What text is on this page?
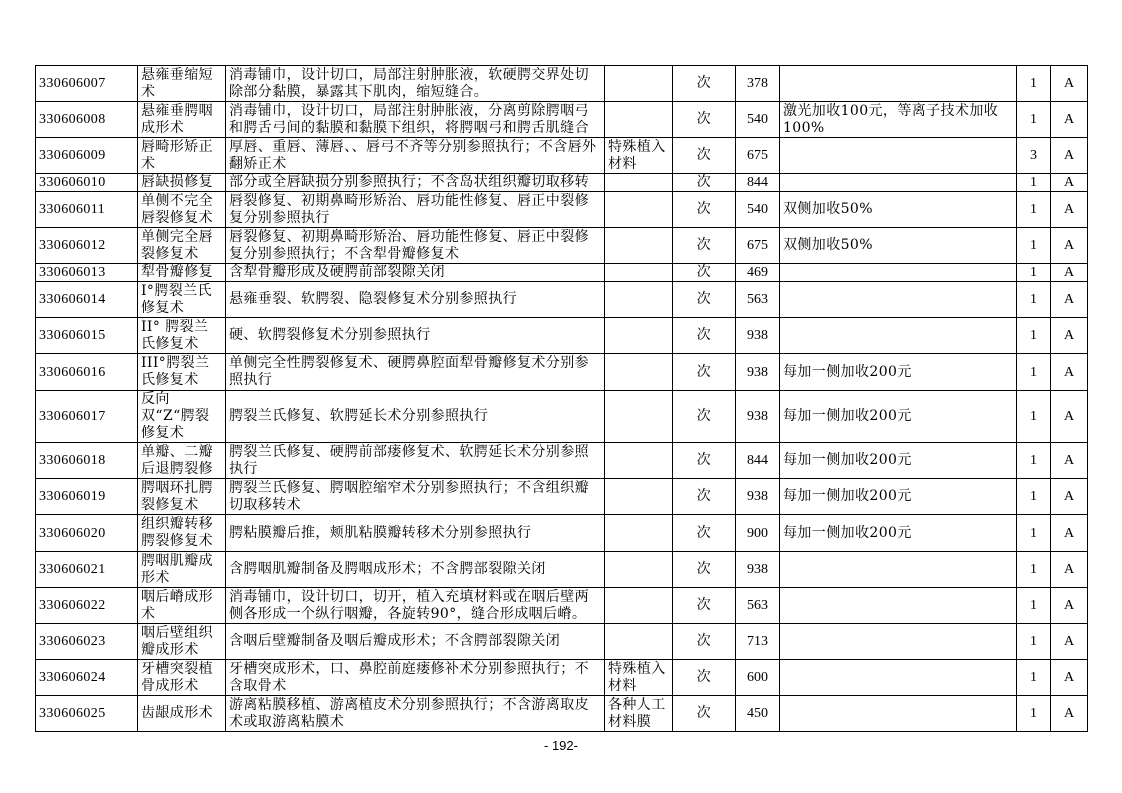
330606007	悬雍垂缩短术	消毒铺巾，设计切口，局部注射肿胀液，软硬腭交界处切除部分黏膜，暴露其下肌肉，缩短缝合。		次	378		1	A
330606008	悬雍垂腭咽成形术	消毒铺巾，设计切口，局部注射肿胀液，分离剪除腭咽弓和腭舌弓间的黏膜和黏膜下组织，将腭咽弓和腭舌肌缝合		次	540	激光加收100元，等离子技术加收100%	1	A
330606009	唇畸形矫正术	厚唇、重唇、薄唇、、唇弓不齐等分别参照执行；不含唇外翻矫正术	特殊植入材料	次	675		3	A
330606010	唇缺损修复	部分或全唇缺损分别参照执行；不含岛状组织瓣切取移转		次	844		1	A
330606011	单侧不完全唇裂修复术	唇裂修复、初期鼻畸形矫治、唇功能性修复、唇正中裂修复分别参照执行		次	540	双侧加收50%	1	A
330606012	单侧完全唇裂修复术	唇裂修复、初期鼻畸形矫治、唇功能性修复、唇正中裂修复分别参照执行；不含犁骨瓣修复术		次	675	双侧加收50%	1	A
330606013	犁骨瓣修复	含犁骨瓣形成及硬腭前部裂隙关闭		次	469		1	A
330606014	Ⅰ°腭裂兰氏修复术	悬雍垂裂、软腭裂、隐裂修复术分别参照执行		次	563		1	A
330606015	II° 腭裂兰氏修复术	硬、软腭裂修复术分别参照执行		次	938		1	A
330606016	III°腭裂兰氏修复术	单侧完全性腭裂修复术、硬腭鼻腔面犁骨瓣修复术分别参照执行		次	938	每加一侧加收200元	1	A
330606017	反向双“Z“腭裂修复术	腭裂兰氏修复、软腭延长术分别参照执行		次	938	每加一侧加收200元	1	A
330606018	单瓣、二瓣后退腭裂修	腭裂兰氏修复、硬腭前部瘘修复术、软腭延长术分别参照执行		次	844	每加一侧加收200元	1	A
330606019	腭咽环扎腭裂修复术	腭裂兰氏修复、腭咽腔缩窄术分别参照执行；不含组织瓣切取移转术		次	938	每加一侧加收200元	1	A
330606020	组织瓣转移腭裂修复术	腭粘膜瓣后推，颊肌粘膜瓣转移术分别参照执行		次	900	每加一侧加收200元	1	A
330606021	腭咽肌瓣成形术	含腭咽肌瓣制备及腭咽成形术；不含腭部裂隙关闭		次	938		1	A
330606022	咽后嵴成形术	消毒铺巾，设计切口，切开，植入充填材料或在咽后壁两侧各形成一个纵行咽瓣，各旋转90°，缝合形成咽后嵴。		次	563		1	A
330606023	咽后壁组织瓣成形术	含咽后壁瓣制备及咽后瓣成形术；不含腭部裂隙关闭		次	713		1	A
330606024	牙槽突裂植骨成形术	牙槽突成形术，口、鼻腔前庭瘘修补术分别参照执行；不含取骨术	特殊植入材料	次	600		1	A
330606025	齿龈成形术	游离粘膜移植、游离植皮术分别参照执行；不含游离取皮术或取游离粘膜术	各种人工材料膜	次	450		1	A
- 192-
